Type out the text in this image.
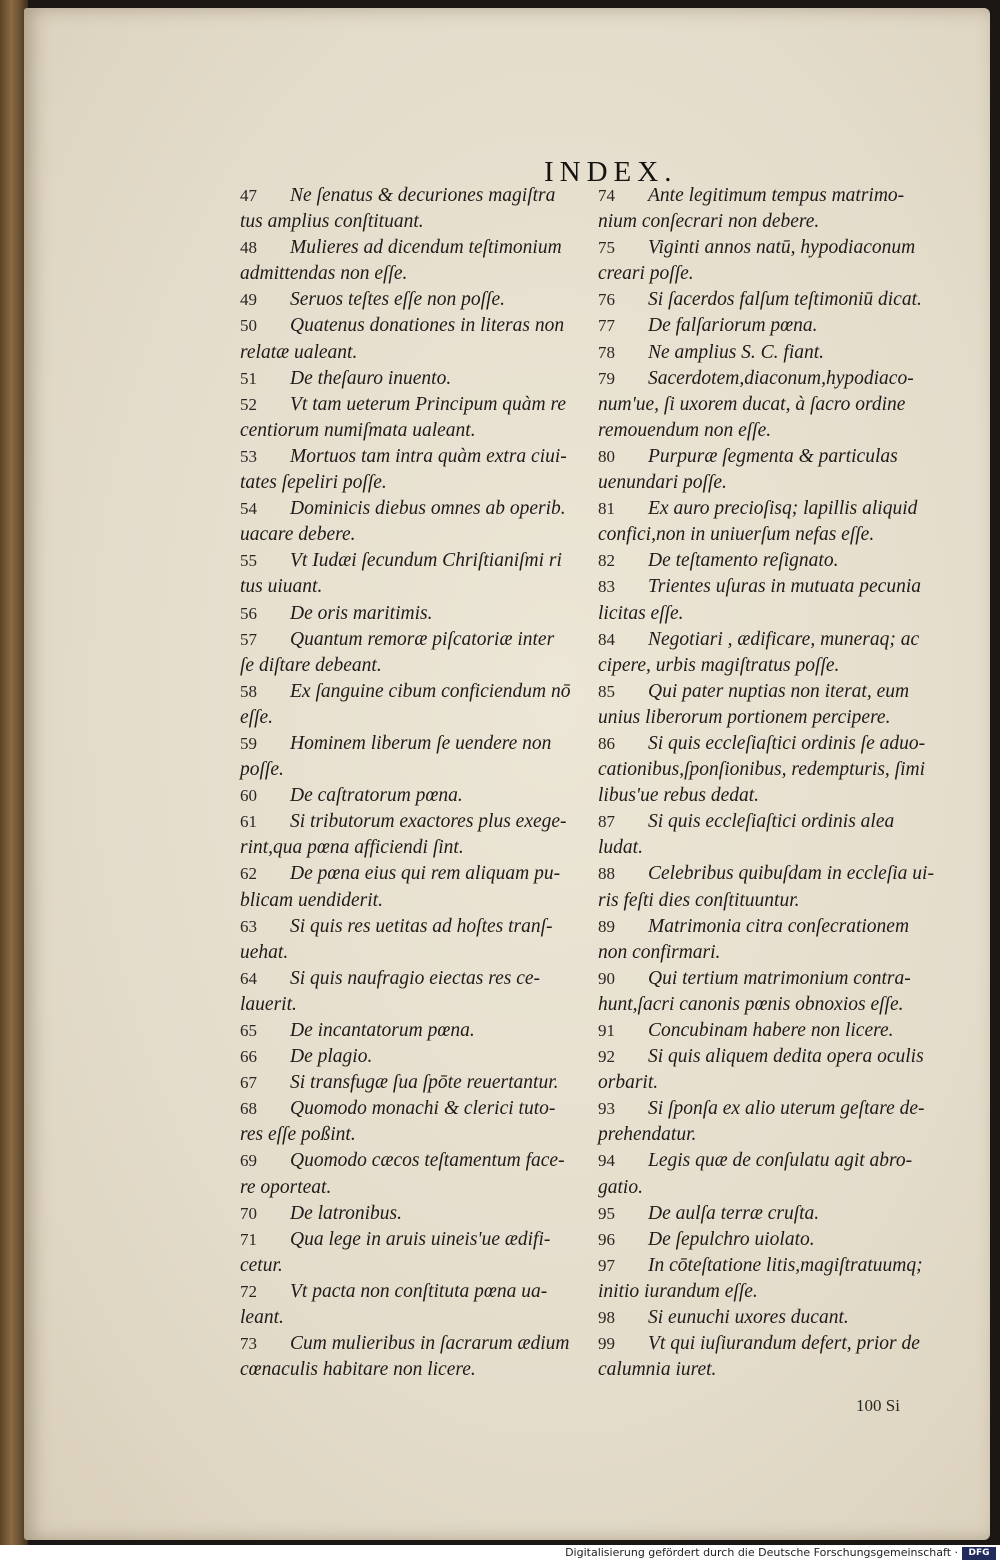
INDEX.
47 Ne ſenatus & decuriones magiſtra
tus amplius conſtituant.
48 Mulieres ad dicendum teſtimonium
admittendas non eſſe.
49 Seruos teſtes eſſe non poſſe.
50 Quatenus donationes in literas non
relatæ ualeant.
51 De theſauro inuento.
52 Vt tam ueterum Principum quàm re
centiorum numiſmata ualeant.
53 Mortuos tam intra quàm extra ciui-
tates ſepeliri poſſe.
54 Dominicis diebus omnes ab operib.
uacare debere.
55 Vt Iudæi ſecundum Chriſtianiſmi ri
tus uiuant.
56 De oris maritimis.
57 Quantum remoræ piſcatoriæ inter
ſe diſtare debeant.
58 Ex ſanguine cibum conficiendum nō
eſſe.
59 Hominem liberum ſe uendere non
poſſe.
60 De caſtratorum pœna.
61 Si tributorum exactores plus exege-
rint,qua pœna afficiendi ſint.
62 De pœna eius qui rem aliquam pu-
blicam uendiderit.
63 Si quis res uetitas ad hoſtes tranſ-
uehat.
64 Si quis naufragio eiectas res ce-
lauerit.
65 De incantatorum pœna.
66 De plagio.
67 Si transfugæ ſua ſpōte reuertantur.
68 Quomodo monachi & clerici tuto-
res eſſe poßint.
69 Quomodo cæcos teſtamentum face-
re oporteat.
70 De latronibus.
71 Qua lege in aruis uineis'ue ædifi-
cetur.
72 Vt pacta non conſtituta pœna ua-
leant.
73 Cum mulieribus in ſacrarum ædium
cœnaculis habitare non licere.
74 Ante legitimum tempus matrimo-
nium conſecrari non debere.
75 Viginti annos natū, hypodiaconum
creari poſſe.
76 Si ſacerdos falſum teſtimoniū dicat.
77 De falſariorum pœna.
78 Ne amplius S. C. fiant.
79 Sacerdotem,diaconum,hypodiaco-
num'ue, ſi uxorem ducat, à ſacro ordine
remouendum non eſſe.
80 Purpuræ ſegmenta & particulas
uenundari poſſe.
81 Ex auro precioſisq; lapillis aliquid
confici,non in uniuerſum nefas eſſe.
82 De teſtamento reſignato.
83 Trientes uſuras in mutuata pecunia
licitas eſſe.
84 Negotiari , ædificare, muneraq; ac
cipere, urbis magiſtratus poſſe.
85 Qui pater nuptias non iterat, eum
unius liberorum portionem percipere.
86 Si quis eccleſiaſtici ordinis ſe aduo-
cationibus,ſponſionibus, redempturis, ſimi
libus'ue rebus dedat.
87 Si quis eccleſiaſtici ordinis alea
ludat.
88 Celebribus quibuſdam in eccleſia ui-
ris feſti dies conſtituuntur.
89 Matrimonia citra conſecrationem
non confirmari.
90 Qui tertium matrimonium contra-
hunt,ſacri canonis pœnis obnoxios eſſe.
91 Concubinam habere non licere.
92 Si quis aliquem dedita opera oculis
orbarit.
93 Si ſponſa ex alio uterum geſtare de-
prehendatur.
94 Legis quæ de conſulatu agit abro-
gatio.
95 De aulſa terræ cruſta.
96 De ſepulchro uiolato.
97 In cōteſtatione litis,magiſtratuumq;
initio iurandum eſſe.
98 Si eunuchi uxores ducant.
99 Vt qui iuſiurandum defert, prior de
calumnia iuret.
100 Si
Digitalisierung gefördert durch die Deutsche Forschungsgemeinschaft ·	DFG
